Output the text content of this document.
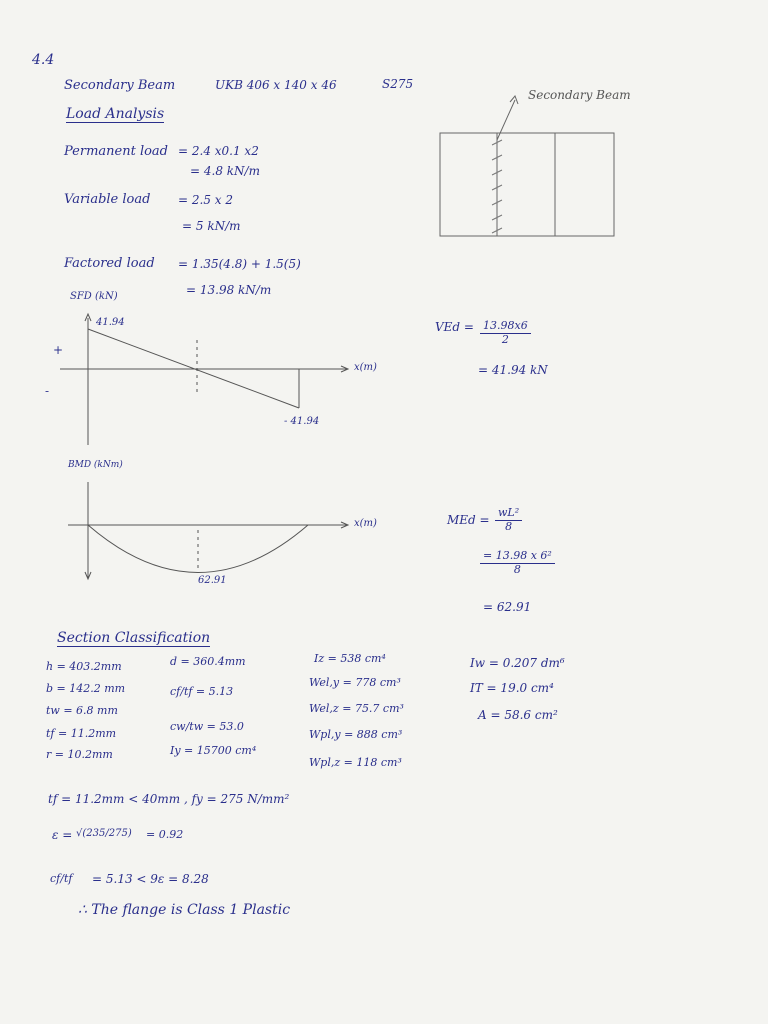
4.4
Secondary Beam	UKB 406 x 140 x 46	S275
Secondary Beam
Load Analysis
Permanent load = 2.4 x0.1 x2
= 4.8 kN/m
Variable load = 2.5 x 2
= 5 kN/m
Factored load = 1.35(4.8) + 1.5(5)
= 13.98 kN/m
SFD (kN)
41.94
+
-
x(m)
- 41.94
VEd = $\frac{13.98x6}{2}$
= 41.94 kN
BMD (kNm)
x(m)
62.91
MEd = $\frac{\text{wL²}}{8}$
$\frac{\text{= 13.98 x 6²}}{8}$
= 62.91
Section Classification
h = 403.2mm
b = 142.2 mm
tw = 6.8 mm
tf = 11.2mm
r = 10.2mm
d = 360.4mm
cf/tf = 5.13
cw/tw = 53.0
Iy = 15700 cm⁴
Iz = 538 cm⁴
Wel,y = 778 cm³
Wel,z = 75.7 cm³
Wpl,y = 888 cm³
Wpl,z = 118 cm³
Iw = 0.207 dm⁶
IT = 19.0 cm⁴
A = 58.6 cm²
tf = 11.2mm < 40mm , fy = 275 N/mm²
ε = √(235/275) = 0.92
cf/tf = 5.13 < 9ε = 8.28
∴ The flange is Class 1 Plastic
